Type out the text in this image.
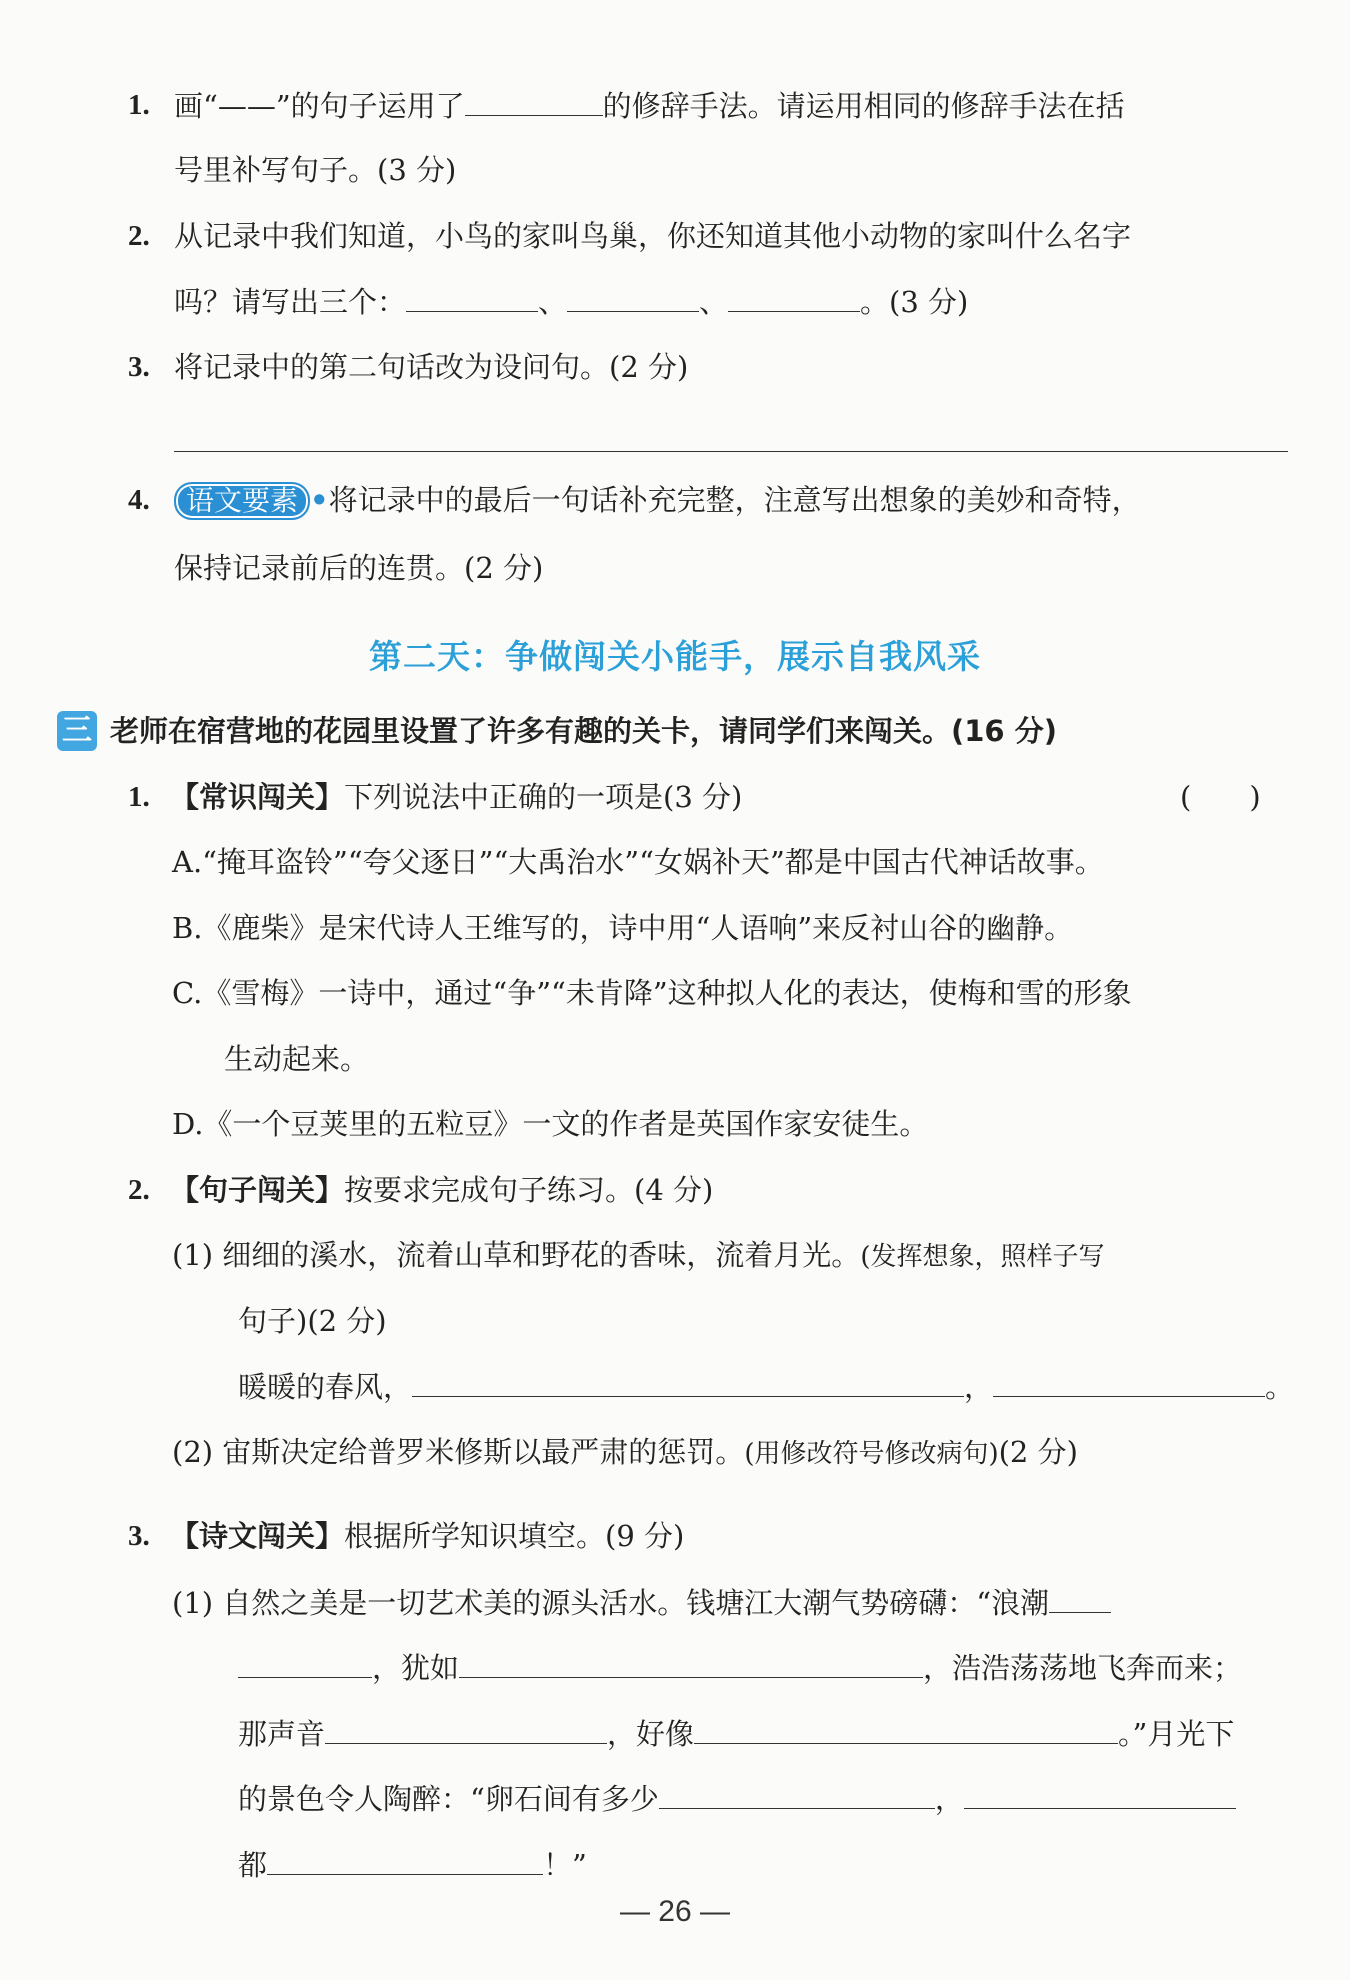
1. 画“——”的句子运用了	的修辞手法。请运用相同的修辞手法在括
号里补写句子。(3 分)
2. 从记录中我们知道，小鸟的家叫鸟巢，你还知道其他小动物的家叫什么名字
吗？请写出三个：	、	、	。(3 分)
3. 将记录中的第二句话改为设问句。(2 分)
4.	语文要素 •将记录中的最后一句话补充完整，注意写出想象的美妙和奇特，
保持记录前后的连贯。(2 分)
第二天：争做闯关小能手，展示自我风采
三 老师在宿营地的花园里设置了许多有趣的关卡，请同学们来闯关。(16 分)
1. 【常识闯关】下列说法中正确的一项是(3 分)	(　　)
A.“掩耳盗铃”“夸父逐日”“大禹治水”“女娲补天”都是中国古代神话故事。
B.《鹿柴》是宋代诗人王维写的，诗中用“人语响”来反衬山谷的幽静。
C.《雪梅》一诗中，通过“争”“未肯降”这种拟人化的表达，使梅和雪的形象
生动起来。
D.《一个豆荚里的五粒豆》一文的作者是英国作家安徒生。
2. 【句子闯关】按要求完成句子练习。(4 分)
(1) 细细的溪水，流着山草和野花的香味，流着月光。(发挥想象，照样子写
句子)(2 分)
暖暖的春风，	，	。
(2) 宙斯决定给普罗米修斯以最严肃的惩罚。(用修改符号修改病句)(2 分)
3. 【诗文闯关】根据所学知识填空。(9 分)
(1) 自然之美是一切艺术美的源头活水。钱塘江大潮气势磅礴：“浪潮
，犹如	，浩浩荡荡地飞奔而来；
那声音	，好像	。”月光下
的景色令人陶醉：“卵石间有多少	，
都	！”
— 26 —
